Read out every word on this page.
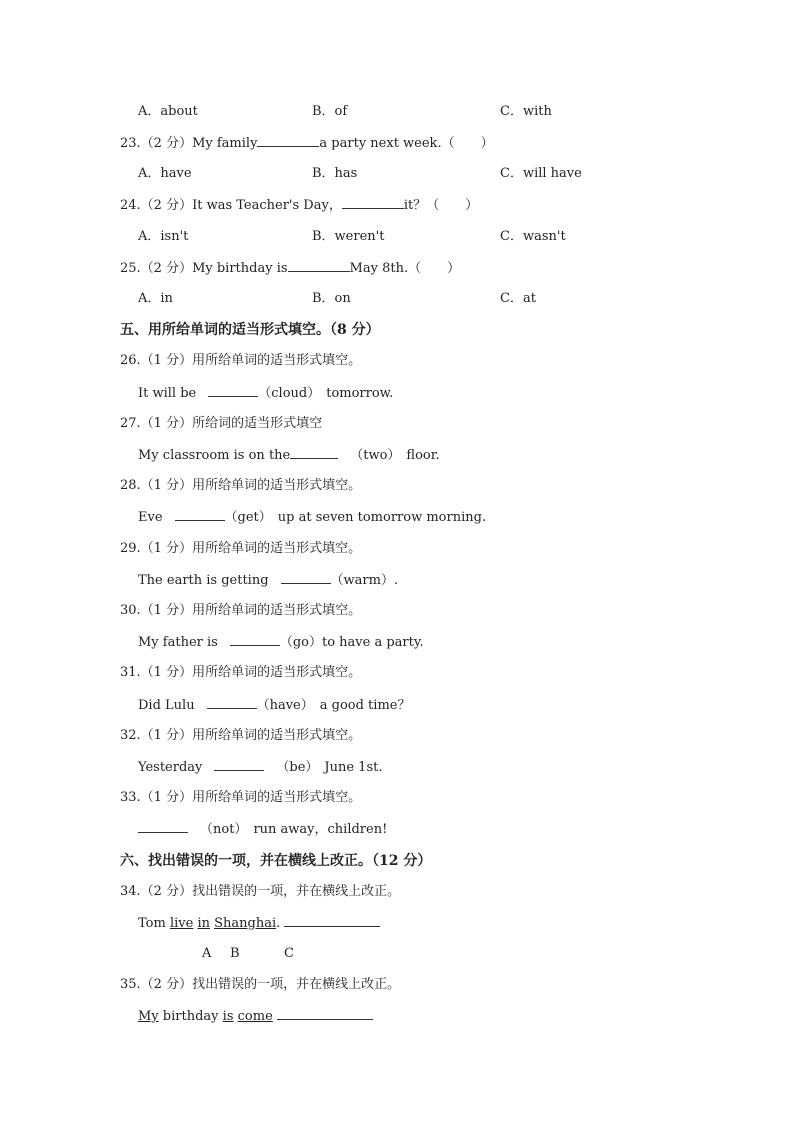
A．about	B．of	C．with
23.（2 分）My family	a party next week.（　　）
A．have	B．has	C．will have
24.（2 分）It was Teacher's Day，	it？（　　）
A．isn't	B．weren't	C．wasn't
25.（2 分）My birthday is	May 8th.（　　）
A．in	B．on	C．at
五、用所给单词的适当形式填空。（8 分）
26.（1 分）用所给单词的适当形式填空。
It will be	（cloud） tomorrow.
27.（1 分）所给词的适当形式填空
My classroom is on the	（two） floor.
28.（1 分）用所给单词的适当形式填空。
Eve	（get） up at seven tomorrow morning.
29.（1 分）用所给单词的适当形式填空。
The earth is getting	（warm）.
30.（1 分）用所给单词的适当形式填空。
My father is	（go）to have a party.
31.（1 分）用所给单词的适当形式填空。
Did Lulu	（have） a good time？
32.（1 分）用所给单词的适当形式填空。
Yesterday	（be） June 1st.
33.（1 分）用所给单词的适当形式填空。
（not） run away，children!
六、找出错误的一项，并在横线上改正。（12 分）
34.（2 分）找出错误的一项，并在横线上改正。
Tom live in Shanghai.
A B	C
35.（2 分）找出错误的一项，并在横线上改正。
My birthday is come
